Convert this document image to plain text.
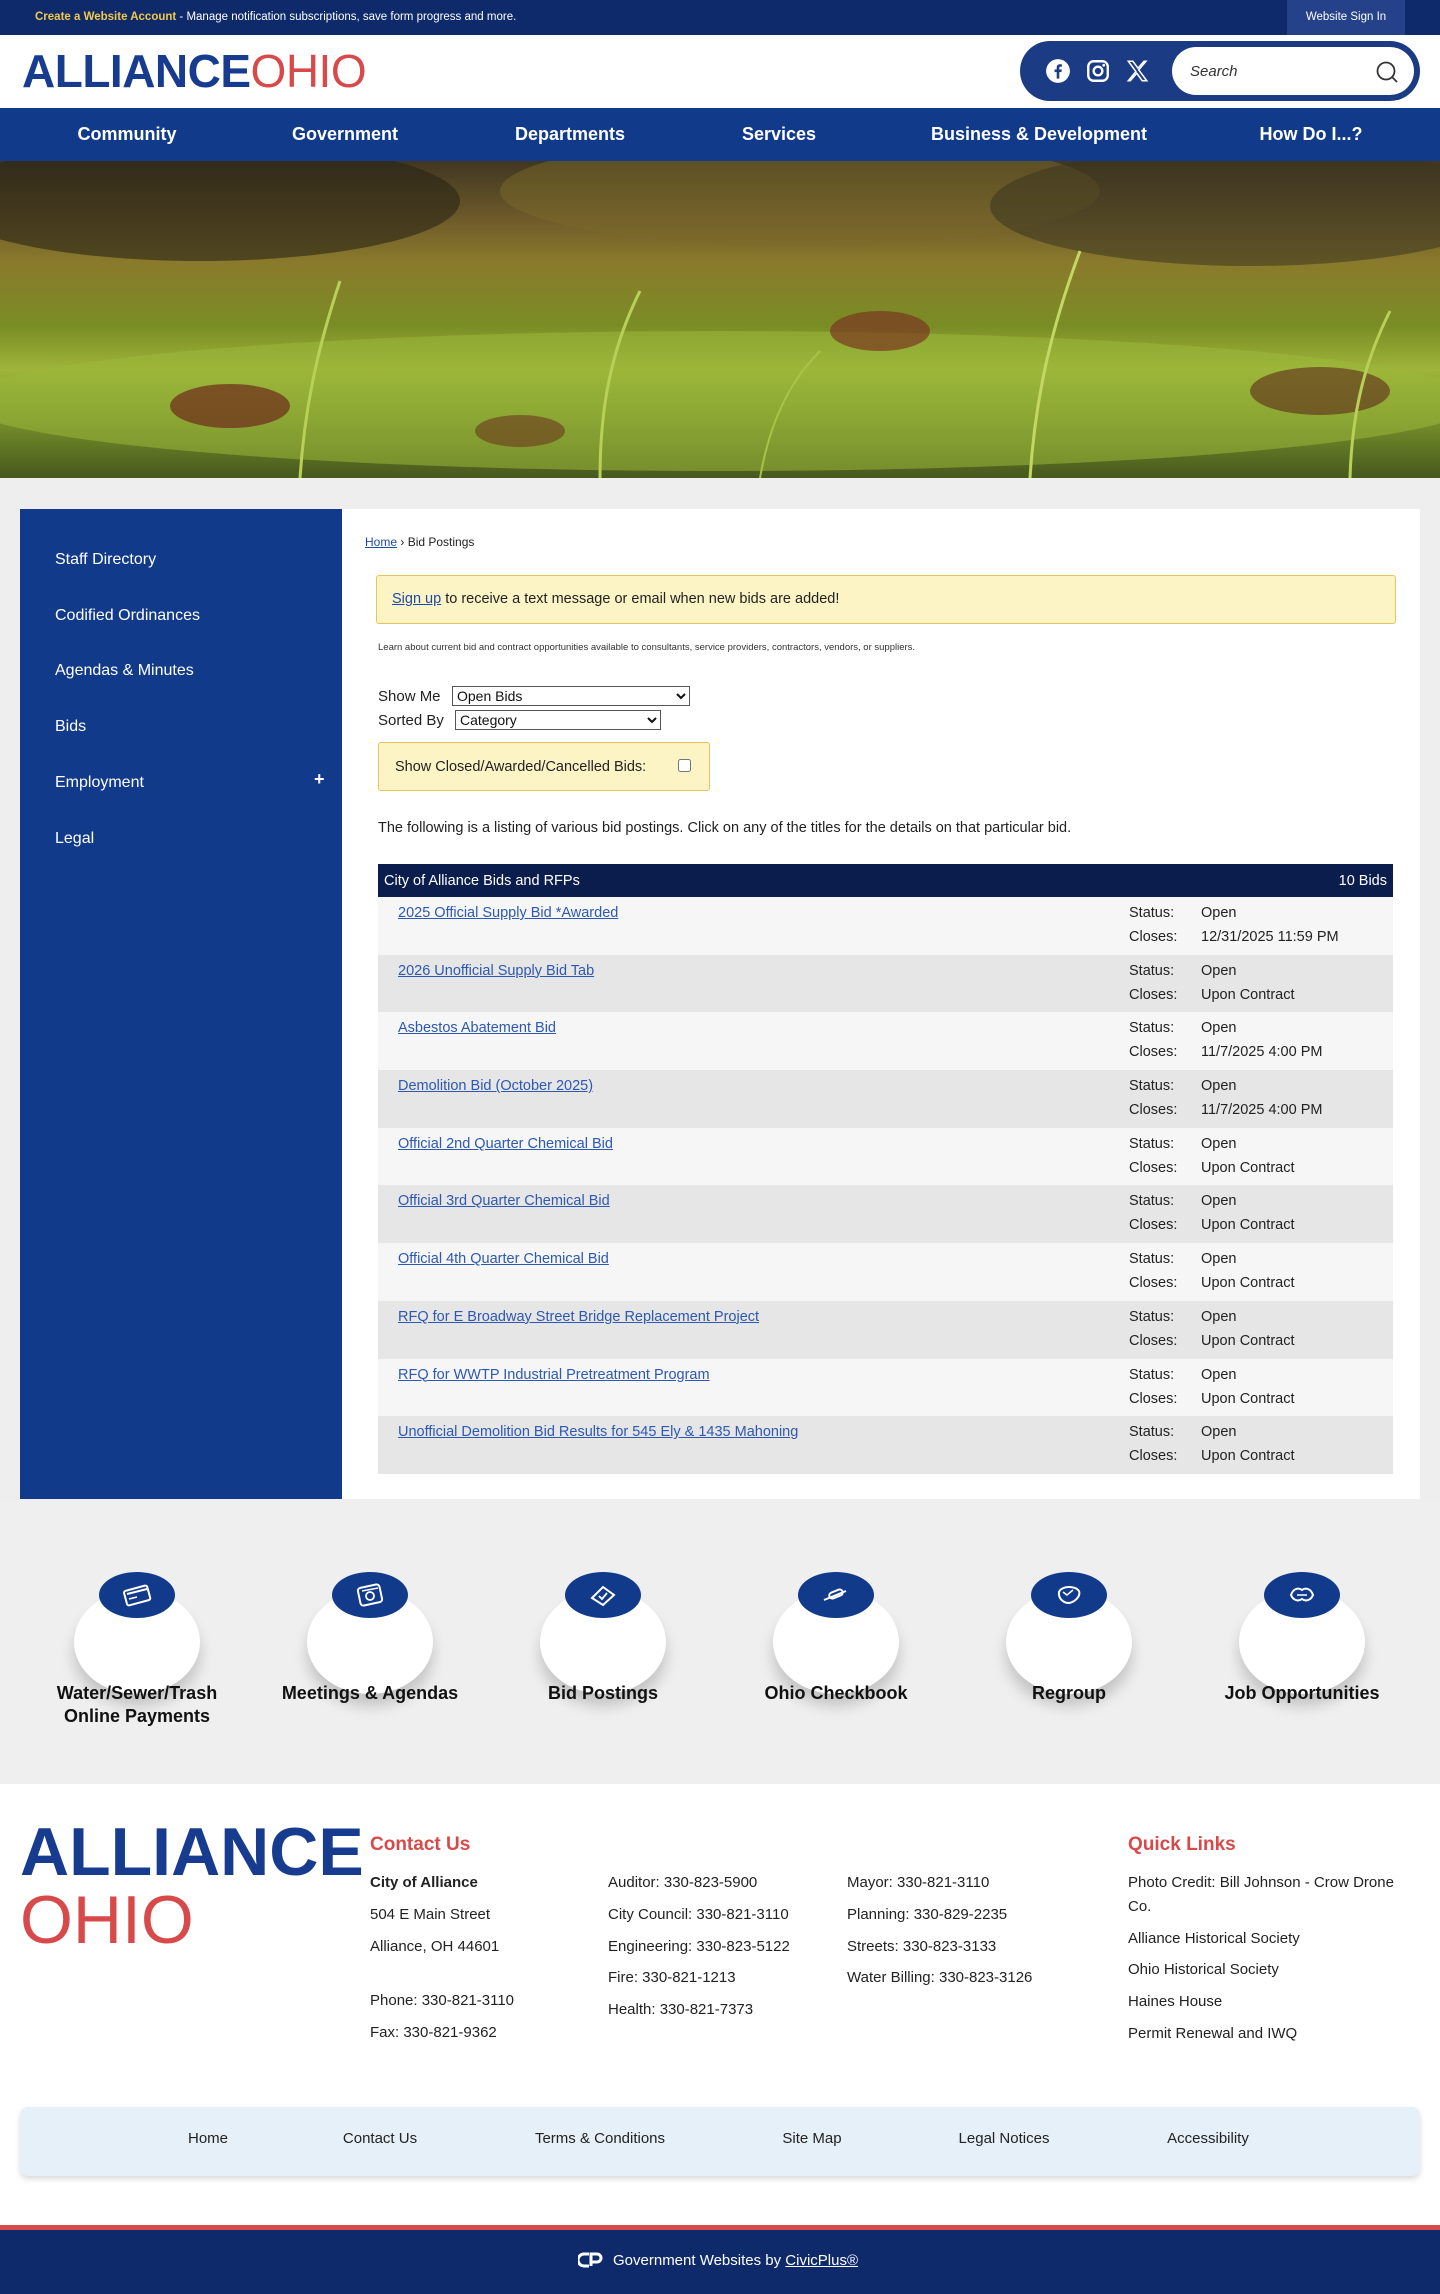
Create a Website Account - Manage notification subscriptions, save form progress and more.	Website Sign In
ALLIANCEOHIO
Search
Community	Government	Departments	Services	Business & Development	How Do I...?
Staff Directory
Codified Ordinances
Agendas & Minutes
Bids
Employment	+
Legal
Home › Bid Postings
Sign up to receive a text message or email when new bids are added!
Learn about current bid and contract opportunities available to consultants, service providers, contractors, vendors, or suppliers.
Show Me
Open Bids
Sorted By
Category
Show Closed/Awarded/Cancelled Bids:
The following is a listing of various bid postings. Click on any of the titles for the details on that particular bid.
City of Alliance Bids and RFPs	10 Bids
2025 Official Supply Bid *Awarded	Status: Open
Closes: 12/31/2025 11:59 PM
2026 Unofficial Supply Bid Tab	Status: Open
Closes: Upon Contract
Asbestos Abatement Bid	Status: Open
Closes: 11/7/2025 4:00 PM
Demolition Bid (October 2025)	Status: Open
Closes: 11/7/2025 4:00 PM
Official 2nd Quarter Chemical Bid	Status: Open
Closes: Upon Contract
Official 3rd Quarter Chemical Bid	Status: Open
Closes: Upon Contract
Official 4th Quarter Chemical Bid	Status: Open
Closes: Upon Contract
RFQ for E Broadway Street Bridge Replacement Project	Status: Open
Closes: Upon Contract
RFQ for WWTP Industrial Pretreatment Program	Status: Open
Closes: Upon Contract
Unofficial Demolition Bid Results for 545 Ely & 1435 Mahoning	Status: Open
Closes: Upon Contract
Water/Sewer/Trash
Online Payments
Meetings & Agendas	Bid Postings	Ohio Checkbook	Regroup	Job Opportunities
ALLIANCE
OHIO
Contact Us
City of Alliance
504 E Main Street
Alliance, OH 44601
Phone: 330-821-3110
Fax: 330-821-9362
Auditor: 330-823-5900
City Council: 330-821-3110
Engineering: 330-823-5122
Fire: 330-821-1213
Health: 330-821-7373
Mayor: 330-821-3110
Planning: 330-829-2235
Streets: 330-823-3133
Water Billing: 330-823-3126
Quick Links
Photo Credit: Bill Johnson - Crow Drone
Co.
Alliance Historical Society
Ohio Historical Society
Haines House
Permit Renewal and IWQ
Home	Contact Us	Terms & Conditions	Site Map	Legal Notices	Accessibility
Government Websites by CivicPlus®
